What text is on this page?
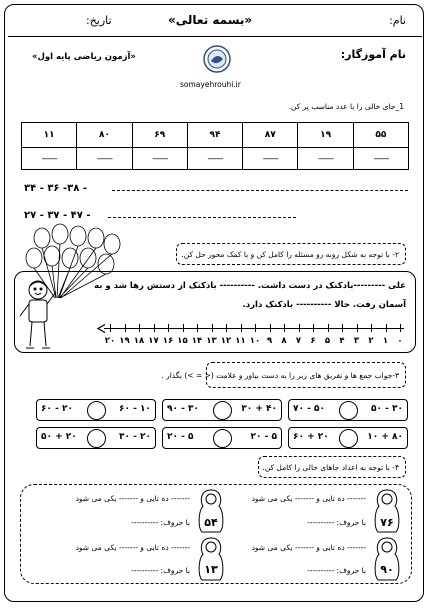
نام:
«بسمه تعالی»
تاریخ:
نام آموزگار:
«آزمون ریاضی پایه اول»
somayehrouhi.ir
1_جای خالی را با عدد مناسب پر کن.
۵۵	۱۹	۸۷	۹۴	۶۹	۸۰	۱۱
--------	--------	--------	--------	--------	--------	--------
۳۴ - ۳۶ -۳۸ -
۲۷ - ۳۷ - ۴۷ -
۲- با توجه به شکل روبه رو مسئله را کامل کن و با کمک محور حل کن.
علی ---------بادکنک در دست داشت. ---------- بادکنک از دستش رها شد و به
آسمان رفت. حالا ---------- بادکنک دارد.
۰
۱
۲
۳
۴
۵
۶
۷
۸
۹
۱۰
۱۱
۱۲
۱۳
۱۴
۱۵
۱۶
۱۷
۱۸
۱۹
۲۰
۳-جواب جمع ها و تفریق های زیر را به دست بیاور و علامت (< = >) بگذار .
۷۰ - ۵۰	۵۰ - ۳۰
۹۰ - ۳۰	۳۰ + ۴۰
۶۰ - ۲۰	۶۰ - ۱۰
۶۰ + ۲۰	۱۰ + ۸۰
۲۰ - ۵	۲۰ - ۵
۵۰ + ۲۰	۳۰ - ۲۰
۴- با توجه به اعداد جاهای خالی را کامل کن.
۷۶
۵۴
۹۰
۱۳
------- ده تایی و ------- یکی می شود
------- ده تایی و ------- یکی می شود
با حروف: ----------
با حروف: ----------
------- ده تایی و ------- یکی می شود
------- ده تایی و ------- یکی می شود
با حروف: ----------
با حروف: ----------
